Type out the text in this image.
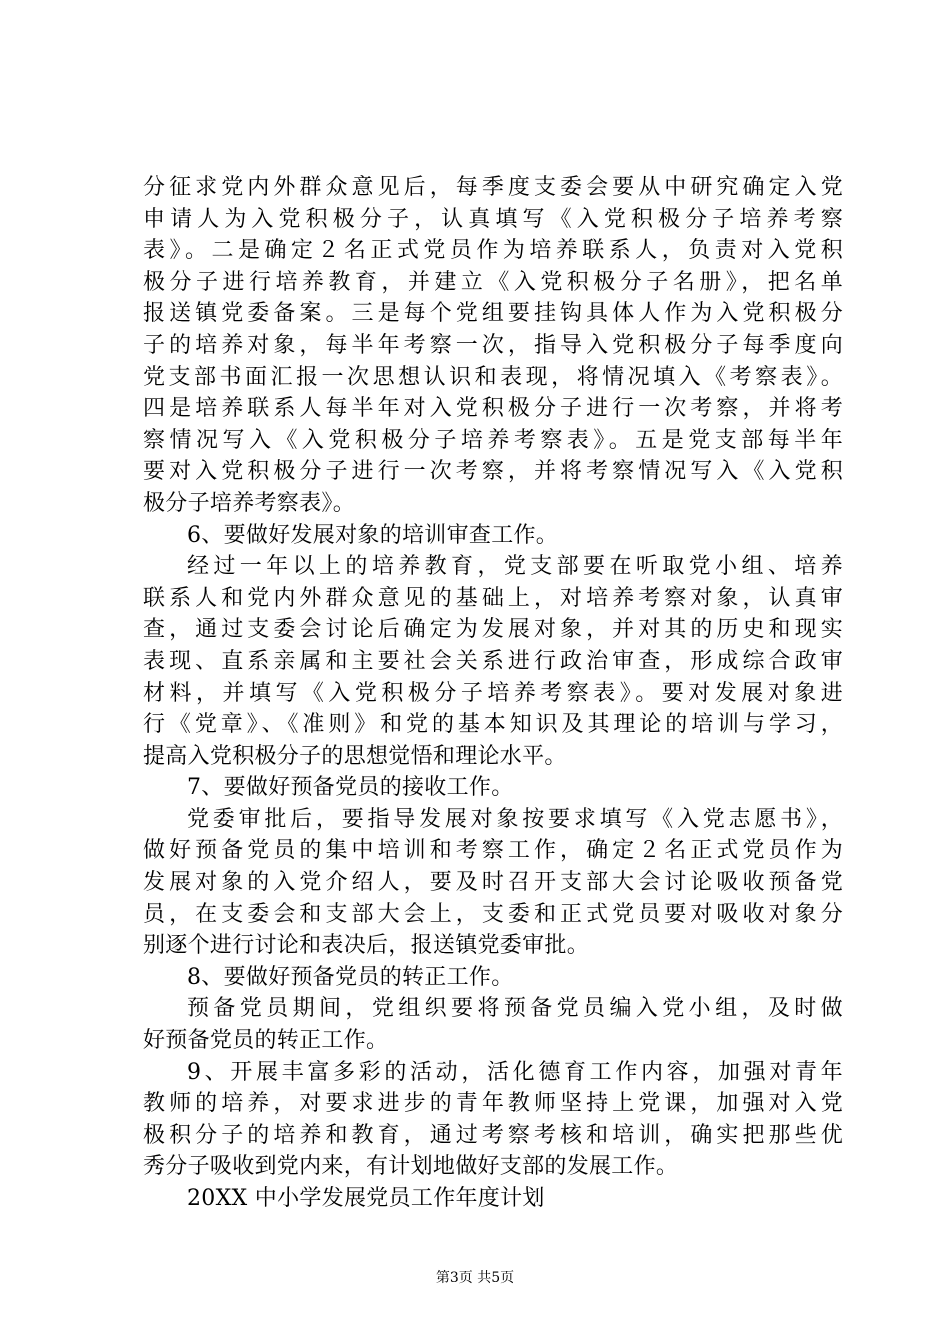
分征求党内外群众意见后，每季度支委会要从中研究确定入党
申请人为入党积极分子，认真填写《入党积极分子培养考察
表》。二是确定２名正式党员作为培养联系人，负责对入党积
极分子进行培养教育，并建立《入党积极分子名册》，把名单
报送镇党委备案。三是每个党组要挂钩具体人作为入党积极分
子的培养对象，每半年考察一次，指导入党积极分子每季度向
党支部书面汇报一次思想认识和表现，将情况填入《考察表》。
四是培养联系人每半年对入党积极分子进行一次考察，并将考
察情况写入《入党积极分子培养考察表》。五是党支部每半年
要对入党积极分子进行一次考察，并将考察情况写入《入党积
极分子培养考察表》。
6、要做好发展对象的培训审查工作。
经过一年以上的培养教育，党支部要在听取党小组、培养
联系人和党内外群众意见的基础上，对培养考察对象，认真审
查，通过支委会讨论后确定为发展对象，并对其的历史和现实
表现、直系亲属和主要社会关系进行政治审查，形成综合政审
材料，并填写《入党积极分子培养考察表》。要对发展对象进
行《党章》、《准则》和党的基本知识及其理论的培训与学习，
提高入党积极分子的思想觉悟和理论水平。
7、要做好预备党员的接收工作。
党委审批后，要指导发展对象按要求填写《入党志愿书》，
做好预备党员的集中培训和考察工作，确定２名正式党员作为
发展对象的入党介绍人，要及时召开支部大会讨论吸收预备党
员，在支委会和支部大会上，支委和正式党员要对吸收对象分
别逐个进行讨论和表决后，报送镇党委审批。
8、要做好预备党员的转正工作。
预备党员期间，党组织要将预备党员编入党小组，及时做
好预备党员的转正工作。
9、开展丰富多彩的活动，活化德育工作内容，加强对青年
教师的培养，对要求进步的青年教师坚持上党课，加强对入党
极积分子的培养和教育，通过考察考核和培训，确实把那些优
秀分子吸收到党内来，有计划地做好支部的发展工作。
20XX 中小学发展党员工作年度计划
第3页 共5页
